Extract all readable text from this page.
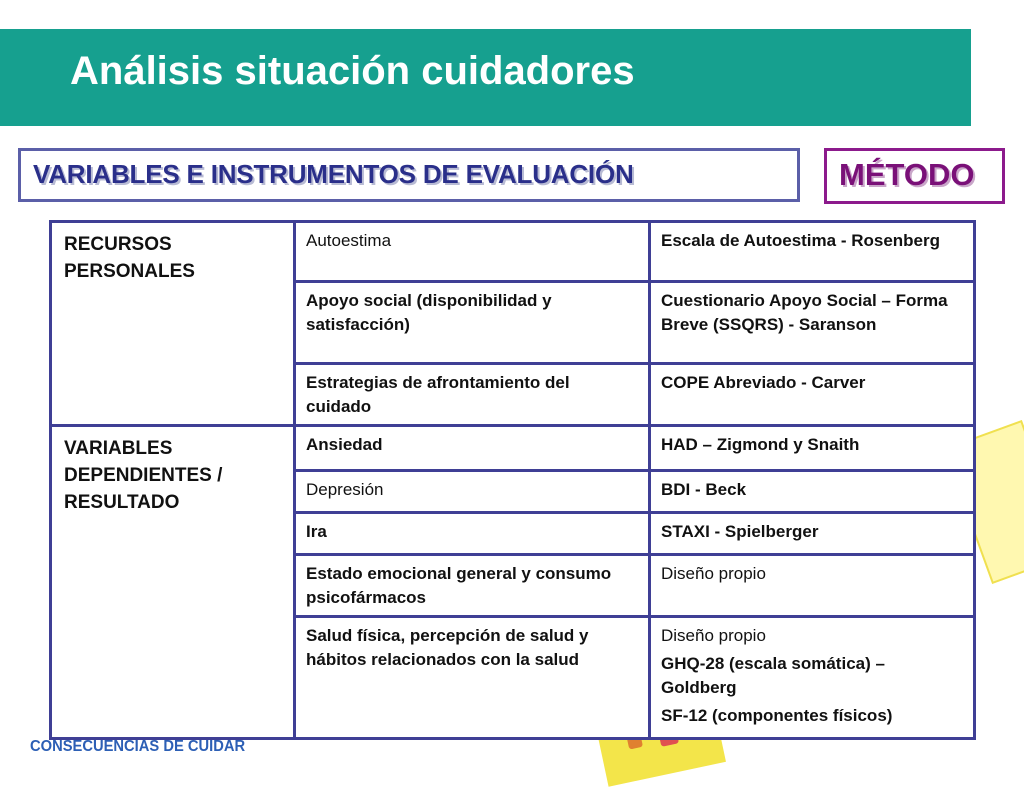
Análisis situación cuidadores
VARIABLES E INSTRUMENTOS DE EVALUACIÓN	MÉTODO
RECURSOS PERSONALES	Autoestima	Escala de Autoestima - Rosenberg

	Apoyo social (disponibilidad y satisfacción)	Cuestionario Apoyo Social – Forma Breve (SSQRS) - Saranson

	Estrategias de afrontamiento del cuidado	COPE Abreviado - Carver

VARIABLES DEPENDIENTES / RESULTADO	Ansiedad	HAD – Zigmond y Snaith

	Depresión	BDI - Beck

	Ira	STAXI - Spielberger

	Estado emocional general y consumo psicofármacos	Diseño propio

	Salud física, percepción de salud y hábitos relacionados con la salud	Diseño propio
GHQ-28 (escala somática) – Goldberg
SF-12 (componentes físicos)
CONSECUENCIAS DE CUIDAR
